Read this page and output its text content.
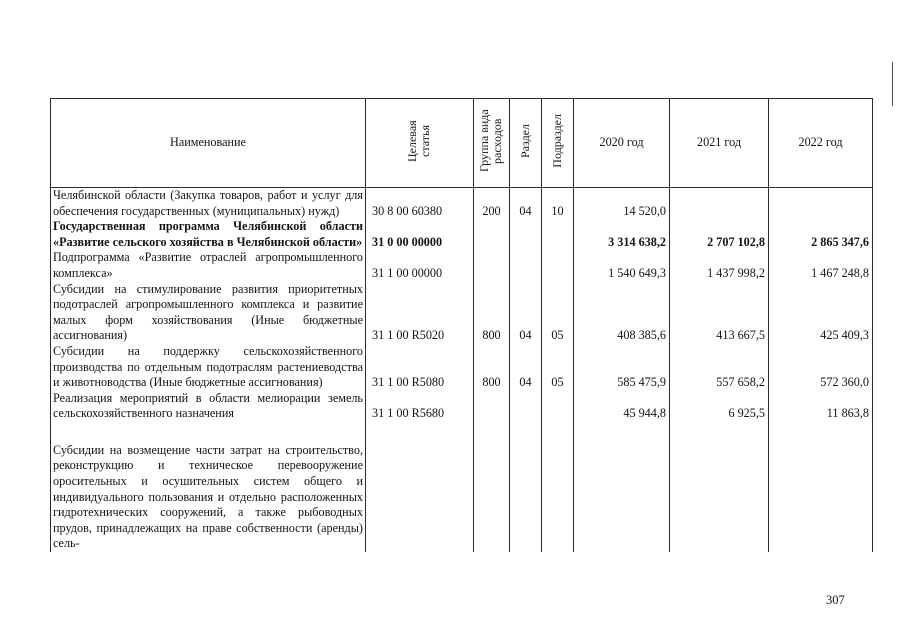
Наименование	Целевая статья	Группа вида расходов	Раздел	Подраздел	2020 год	2021 год	2022 год
Челябинской области (Закупка товаров, работ и услуг для обеспечения государственных (муниципальных) нужд)	30 8 00 60380	200	04	10	14 520,0		
Государственная программа Челябинской области «Развитие сельского хозяйства в Челябинской области»	31 0 00 00000				3 314 638,2	2 707 102,8	2 865 347,6
Подпрограмма «Развитие отраслей агропромышленного комплекса»	31 1 00 00000				1 540 649,3	1 437 998,2	1 467 248,8
Субсидии на стимулирование развития приоритетных подотраслей агропромышленного комплекса и развитие малых форм хозяйствования (Иные бюджетные ассигнования)	31 1 00 R5020	800	04	05	408 385,6	413 667,5	425 409,3
Субсидии на поддержку сельскохозяйственного производства по отдельным подотраслям растениеводства и животноводства (Иные бюджетные ассигнования)	31 1 00 R5080	800	04	05	585 475,9	557 658,2	572 360,0
Реализация мероприятий в области мелиорации земель сельскохозяйственного назначения	31 1 00 R5680				45 944,8	6 925,5	11 863,8
Субсидии на возмещение части затрат на строительство, реконструкцию и техническое перевооружение оросительных и осушительных систем общего и индивидуального пользования и отдельно расположенных гидротехнических сооружений, а также рыбоводных прудов, принадлежащих на праве собственности (аренды) сель-							
307
